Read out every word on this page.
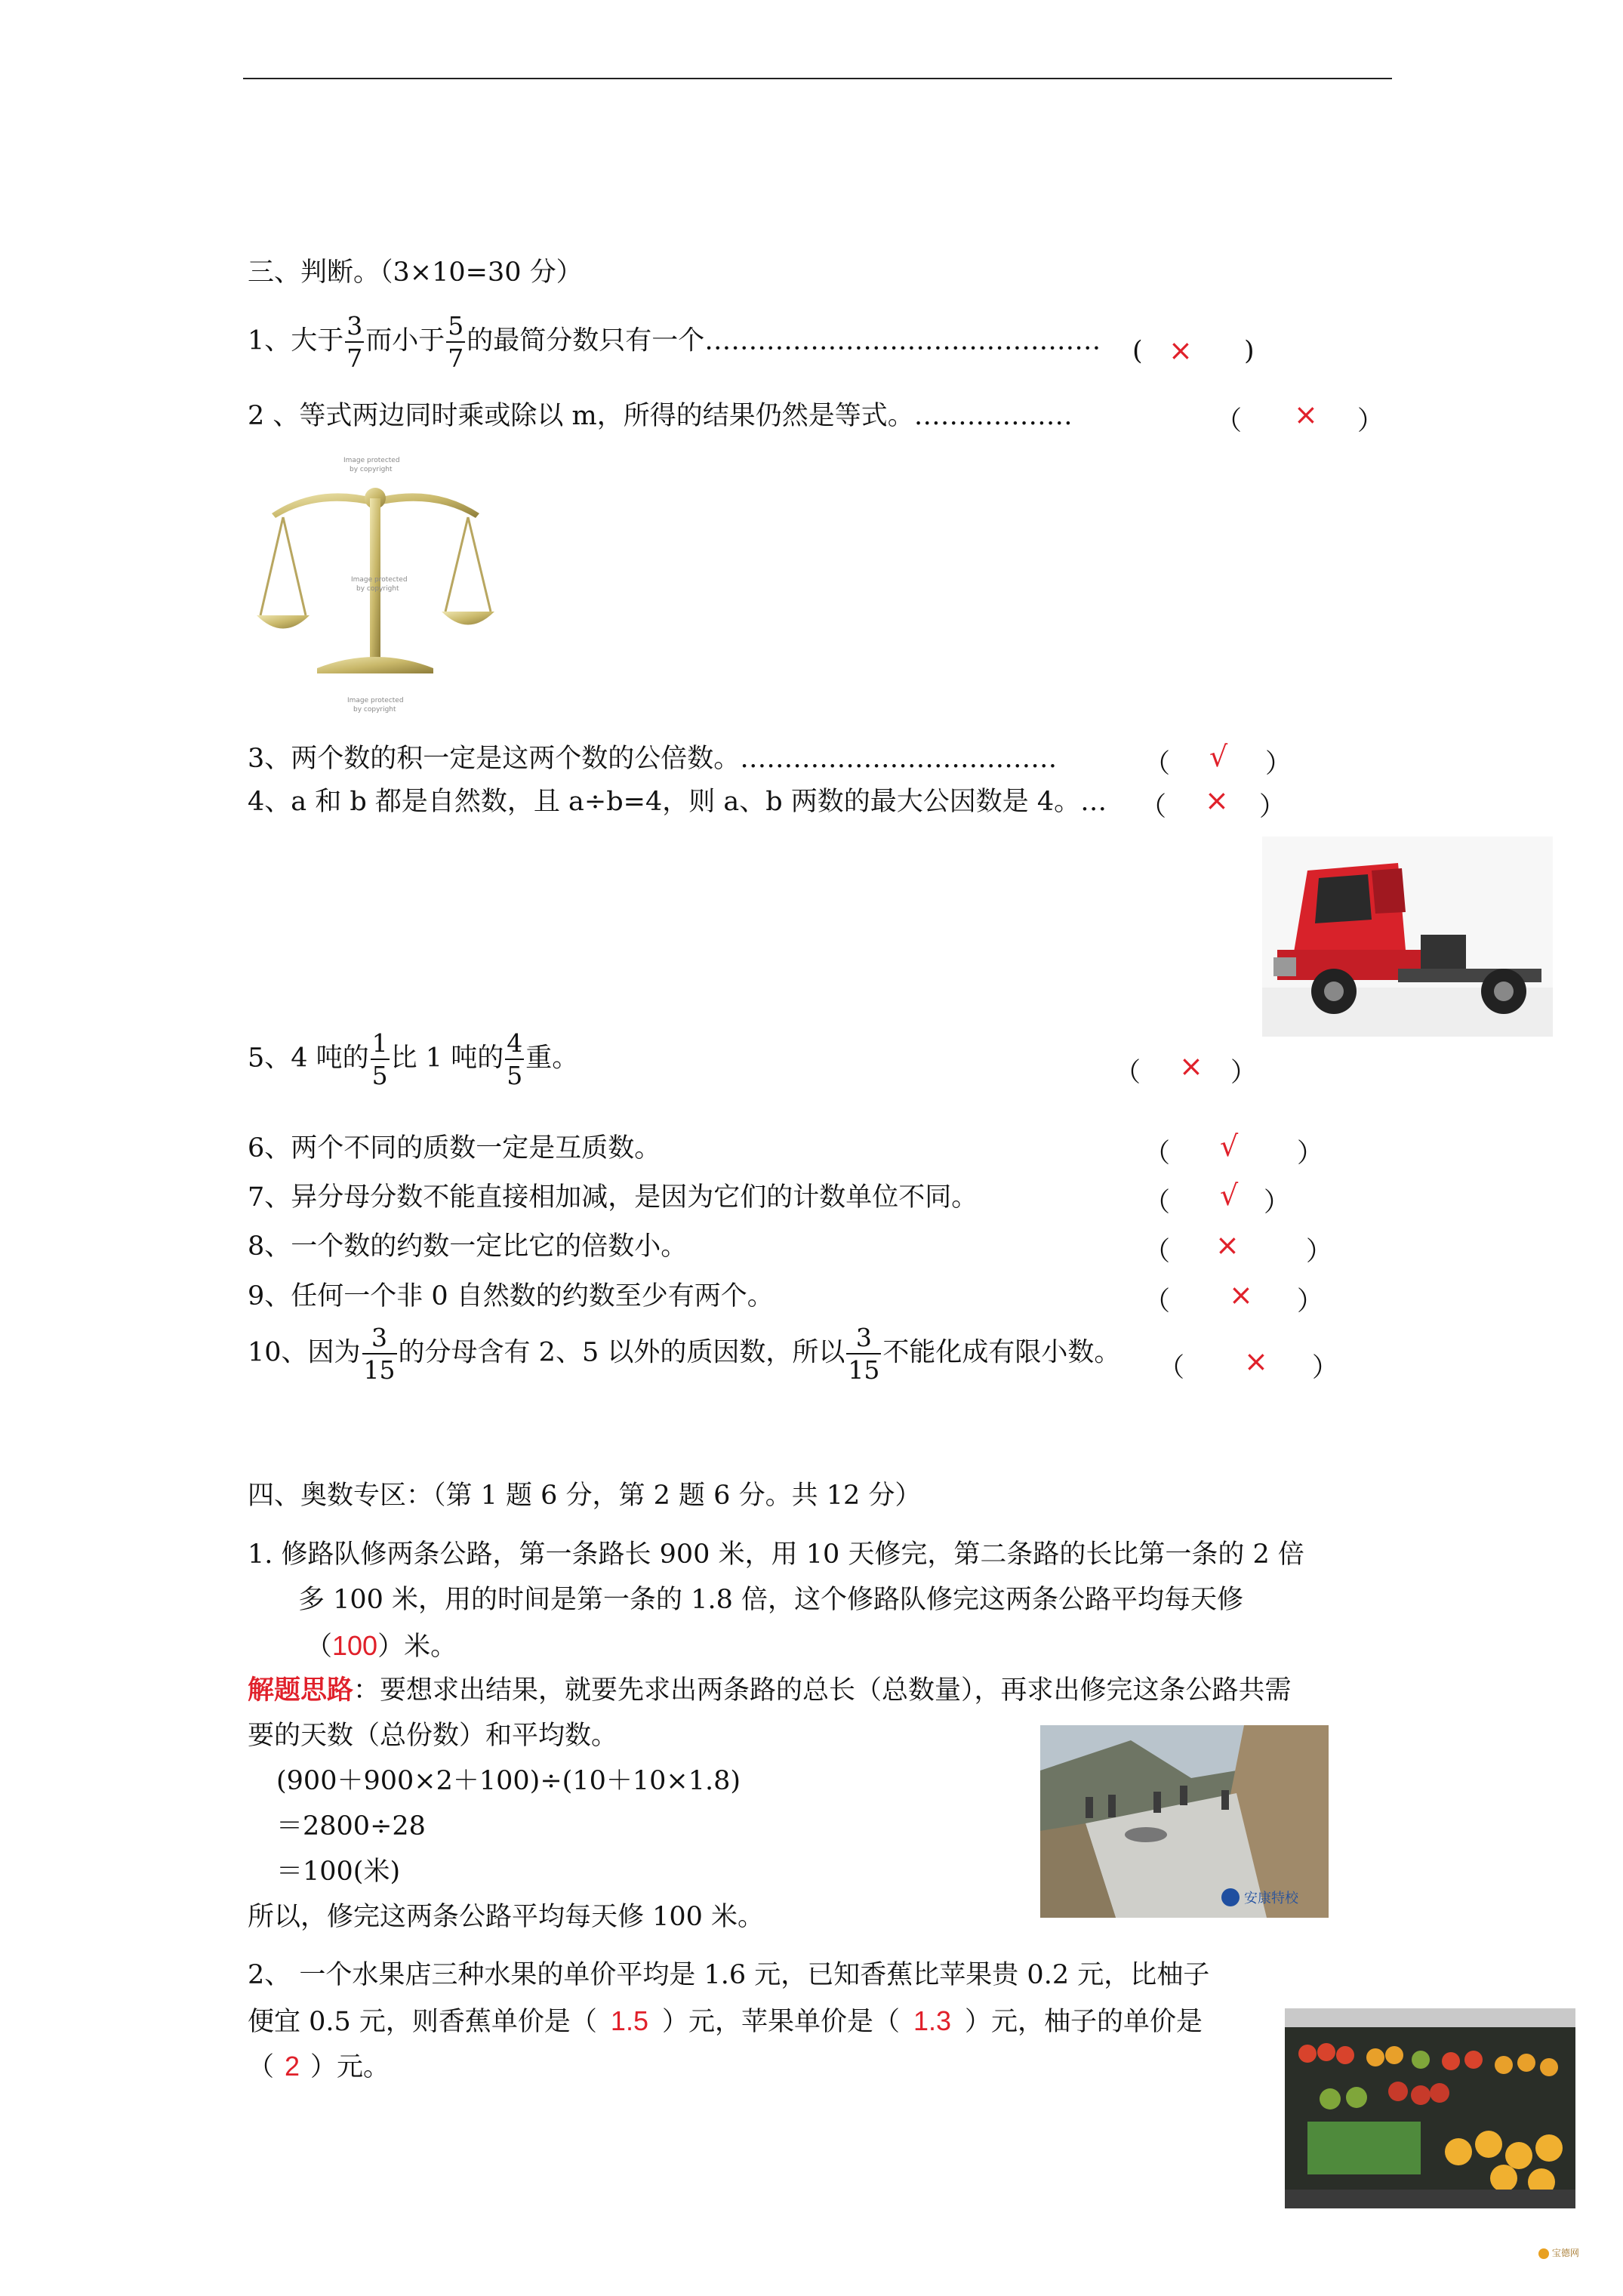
三、判断。（3×10=30 分）
1、大于 $\frac{3}{7}$ 而小于 $\frac{5}{7}$ 的最简分数只有一个……………………………………… ( × )
2 、等式两边同时乘或除以 m，所得的结果仍然是等式。………………	（ × ）
Image protected
by copyright
Image protected
by copyright
Image protected
by copyright
3、两个数的积一定是这两个数的公倍数。………………………………	（ √ ）
4、a 和 b 都是自然数，且 a÷b=4，则 a、b 两数的最大公因数是 4。… （ × ）
5、4 吨的 $\frac{1}{5}$ 比 1 吨的 $\frac{4}{5}$ 重。	（ × ）
6、两个不同的质数一定是互质数。	（ √ ）
7、异分母分数不能直接相加减，是因为它们的计数单位不同。	（ √ ）
8、一个数的约数一定比它的倍数小。	（ ×	）
9、任何一个非 0 自然数的约数至少有两个。	（ × ）
10、因为 $\frac{3}{15}$ 的分母含有 2、5 以外的质因数，所以 $\frac{3}{15}$ 不能化成有限小数。
（ × ）
四、奥数专区：（第 1 题 6 分，第 2 题 6 分。共 12 分）
1. 修路队修两条公路，第一条路长 900 米，用 10 天修完，第二条路的长比第一条的 2 倍
多 100 米，用的时间是第一条的 1.8 倍，这个修路队修完这两条公路平均每天修
（100）米。
解题思路：要想求出结果，就要先求出两条路的总长（总数量），再求出修完这条公路共需
要的天数（总份数）和平均数。
(900＋900×2＋100)÷(10＋10×1.8)
＝2800÷28
＝100(米)
所以，修完这两条公路平均每天修 100 米。
安康特校
2、 一个水果店三种水果的单价平均是 1.6 元，已知香蕉比苹果贵 0.2 元，比柚子
便宜 0.5 元，则香蕉单价是（ 1.5 ）元，苹果单价是（ 1.3 ）元，柚子的单价是
（ 2 ）元。
宝德网
